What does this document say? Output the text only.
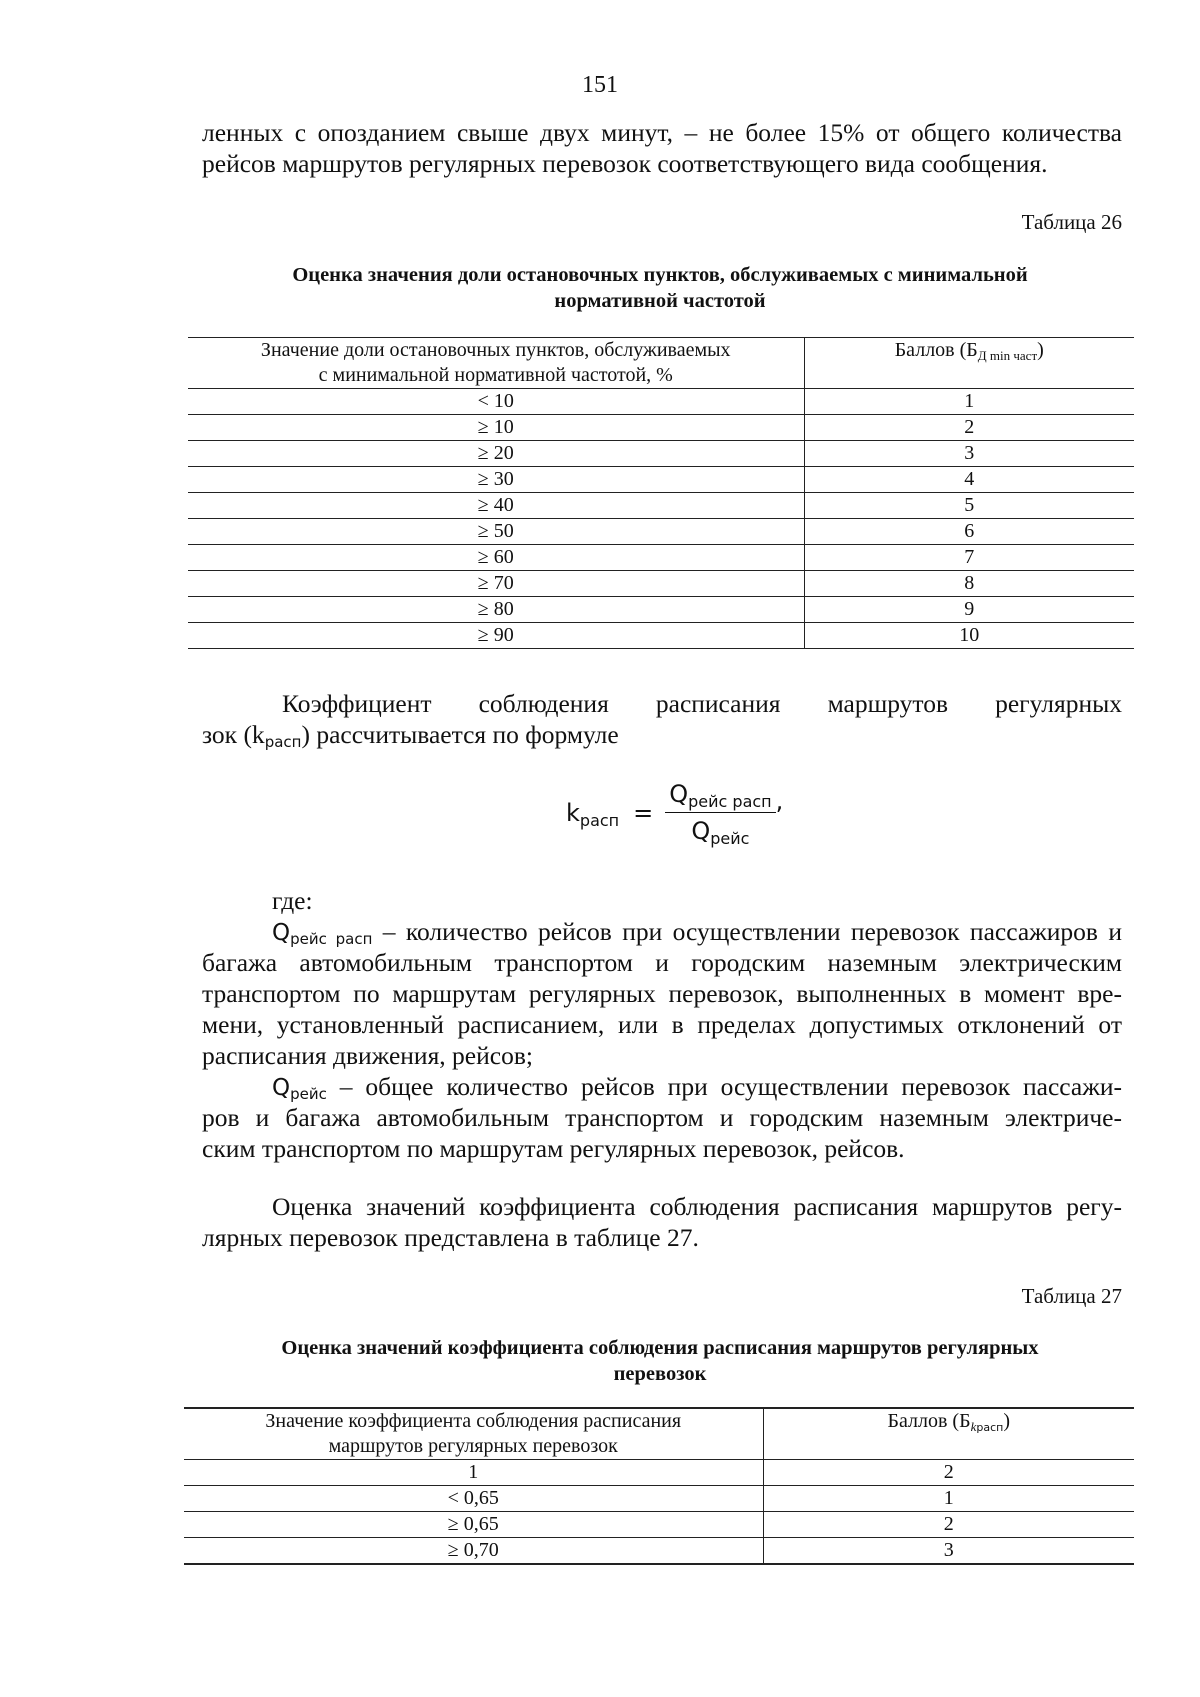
151
ленных с опозданием свыше двух минут, – не более 15% от общего количества
рейсов маршрутов регулярных перевозок соответствующего вида сообщения.
Таблица 26
Оценка значения доли остановочных пунктов, обслуживаемых с минимальной
нормативной частотой
Значение доли остановочных пунктов, обслуживаемых
с минимальной нормативной частотой, %	Баллов $(Б_{Д min част})$
< 10	1
≥ 10	2
≥ 20	3
≥ 30	4
≥ 40	5
≥ 50	6
≥ 60	7
≥ 70	8
≥ 80	9
≥ 90	10
Коэффициент соблюдения расписания маршрутов регулярных
зок $(k_{расп})$ рассчитывается по формуле
$k_{расп} = \frac{Q_{рейс расп}}{Q_{рейс}}$ ,
где:
$Q_{рейс расп}$ – количество рейсов при осуществлении перевозок пассажиров и
багажа автомобильным транспортом и городским наземным электрическим
транспортом по маршрутам регулярных перевозок, выполненных в момент вре-
мени, установленный расписанием, или в пределах допустимых отклонений от
расписания движения, рейсов;
$Q_{рейс}$ – общее количество рейсов при осуществлении перевозок пассажи-
ров и багажа автомобильным транспортом и городским наземным электриче-
ским транспортом по маршрутам регулярных перевозок, рейсов.
Оценка значений коэффициента соблюдения расписания маршрутов регу-
лярных перевозок представлена в таблице 27.
Таблица 27
Оценка значений коэффициента соблюдения расписания маршрутов регулярных
перевозок
Значение коэффициента соблюдения расписания
маршрутов регулярных перевозок	Баллов $(Б_{kрасп})$
1	2
< 0,65	1
≥ 0,65	2
≥ 0,70	3
